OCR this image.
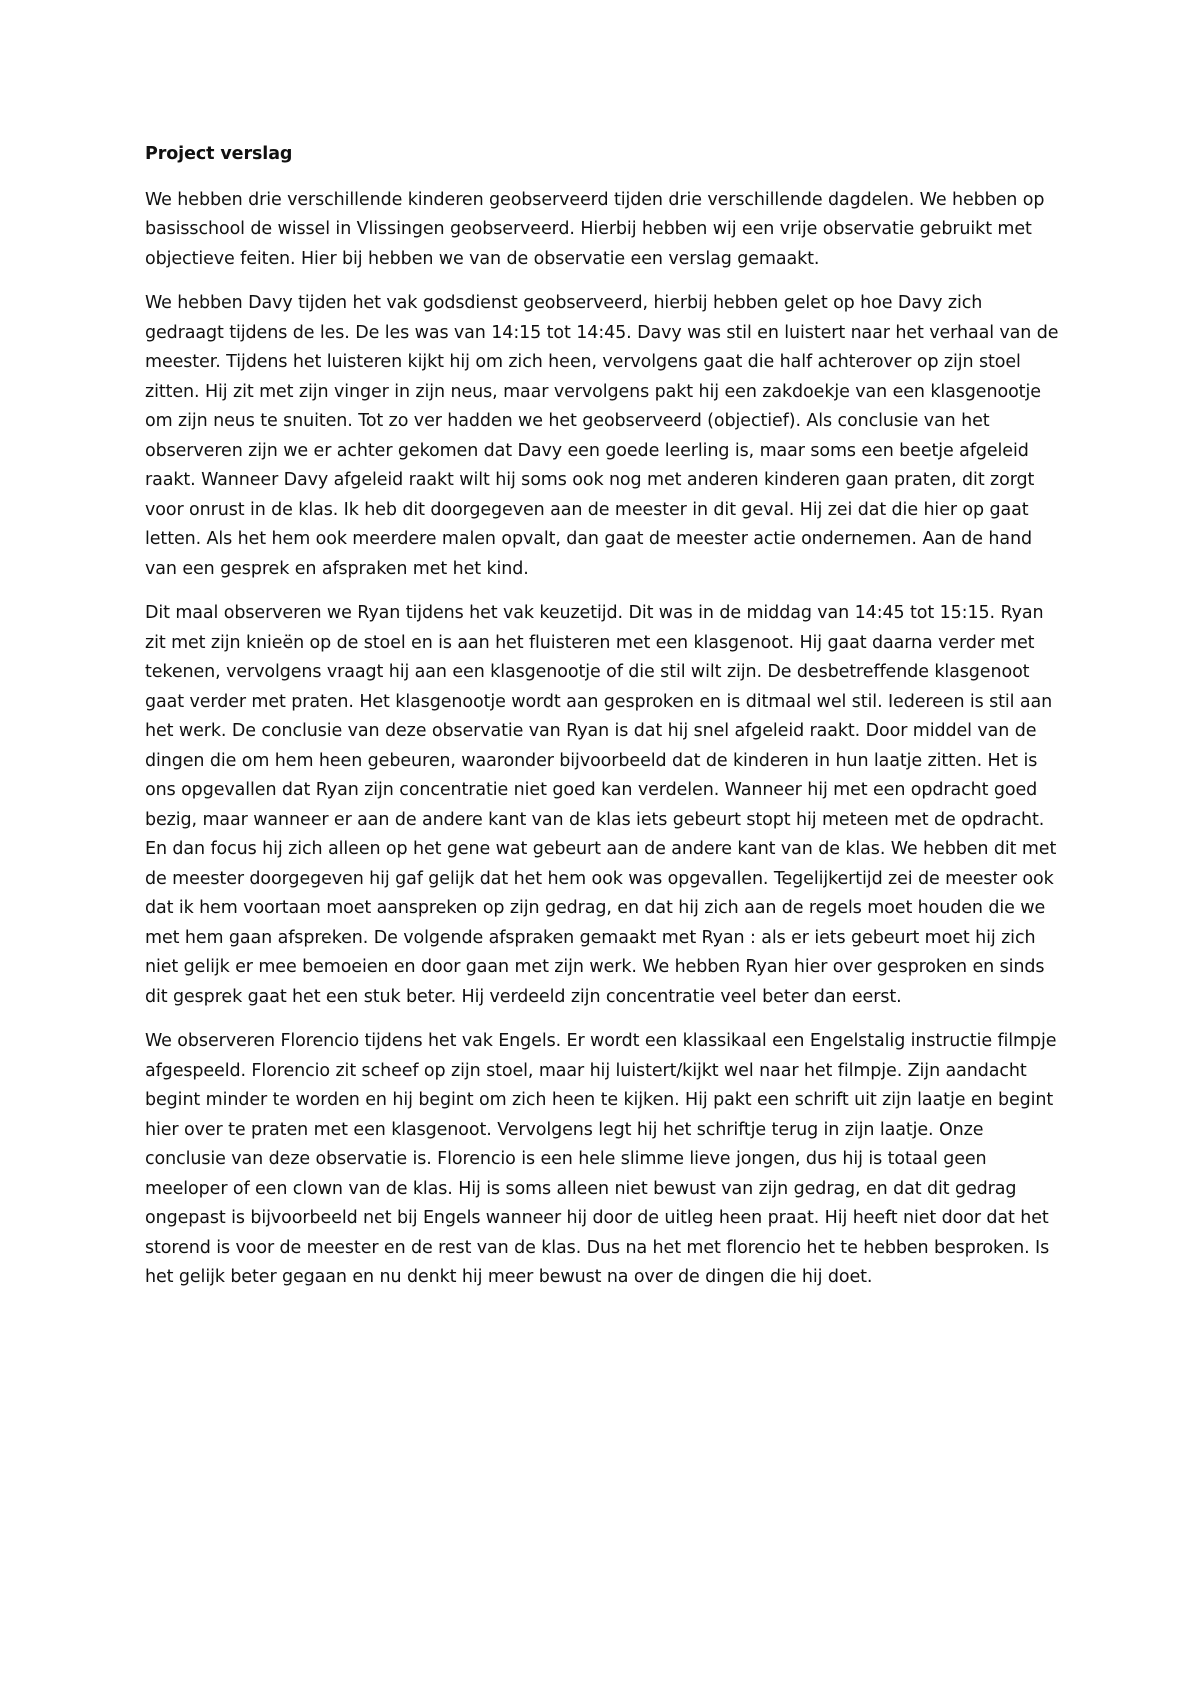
Project verslag

We hebben drie verschillende kinderen geobserveerd tijden drie verschillende dagdelen. We hebben op basisschool de wissel in Vlissingen geobserveerd. Hierbij hebben wij een vrije observatie gebruikt met objectieve feiten. Hier bij hebben we van de observatie een verslag gemaakt.

We hebben Davy tijden het vak godsdienst geobserveerd, hierbij hebben gelet op hoe Davy zich gedraagt tijdens de les. De les was van 14:15 tot 14:45. Davy was stil en luistert naar het verhaal van de meester. Tijdens het luisteren kijkt hij om zich heen, vervolgens gaat die half achterover op zijn stoel zitten. Hij zit met zijn vinger in zijn neus, maar vervolgens pakt hij een zakdoekje van een klasgenootje om zijn neus te snuiten. Tot zo ver hadden we het geobserveerd (objectief). Als conclusie van het observeren zijn we er achter gekomen dat Davy een goede leerling is, maar soms een beetje afgeleid raakt. Wanneer Davy afgeleid raakt wilt hij soms ook nog met anderen kinderen gaan praten, dit zorgt voor onrust in de klas. Ik heb dit doorgegeven aan de meester in dit geval. Hij zei dat die hier op gaat letten. Als het hem ook meerdere malen opvalt, dan gaat de meester actie ondernemen. Aan de hand van een gesprek en afspraken met het kind.

Dit maal observeren we Ryan tijdens het vak keuzetijd. Dit was in de middag van 14:45 tot 15:15. Ryan zit met zijn knieën op de stoel en is aan het fluisteren met een klasgenoot. Hij gaat daarna verder met tekenen, vervolgens vraagt hij aan een klasgenootje of die stil wilt zijn. De desbetreffende klasgenoot gaat verder met praten. Het klasgenootje wordt aan gesproken en is ditmaal wel stil. Iedereen is stil aan het werk. De conclusie van deze observatie van Ryan is dat hij snel afgeleid raakt. Door middel van de dingen die om hem heen gebeuren, waaronder bijvoorbeeld dat de kinderen in hun laatje zitten. Het is ons opgevallen dat Ryan zijn concentratie niet goed kan verdelen. Wanneer hij met een opdracht goed bezig, maar wanneer er aan de andere kant van de klas iets gebeurt stopt hij meteen met de opdracht. En dan focus hij zich alleen op het gene wat gebeurt aan de andere kant van de klas. We hebben dit met de meester doorgegeven hij gaf gelijk dat het hem ook was opgevallen. Tegelijkertijd zei de meester ook dat ik hem voortaan moet aanspreken op zijn gedrag, en dat hij zich aan de regels moet houden die we met hem gaan afspreken. De volgende afspraken gemaakt met Ryan : als er iets gebeurt moet hij zich niet gelijk er mee bemoeien en door gaan met zijn werk. We hebben Ryan hier over gesproken en sinds dit gesprek gaat het een stuk beter. Hij verdeeld zijn concentratie veel beter dan eerst.

We observeren Florencio tijdens het vak Engels. Er wordt een klassikaal een Engelstalig instructie filmpje afgespeeld. Florencio zit scheef op zijn stoel, maar hij luistert/kijkt wel naar het filmpje. Zijn aandacht begint minder te worden en hij begint om zich heen te kijken. Hij pakt een schrift uit zijn laatje en begint hier over te praten met een klasgenoot. Vervolgens legt hij het schriftje terug in zijn laatje. Onze conclusie van deze observatie is. Florencio is een hele slimme lieve jongen, dus hij is totaal geen meeloper of een clown van de klas. Hij is soms alleen niet bewust van zijn gedrag, en dat dit gedrag ongepast is bijvoorbeeld net bij Engels wanneer hij door de uitleg heen praat. Hij heeft niet door dat het storend is voor de meester en de rest van de klas. Dus na het met florencio het te hebben besproken. Is het gelijk beter gegaan en nu denkt hij meer bewust na over de dingen die hij doet.
